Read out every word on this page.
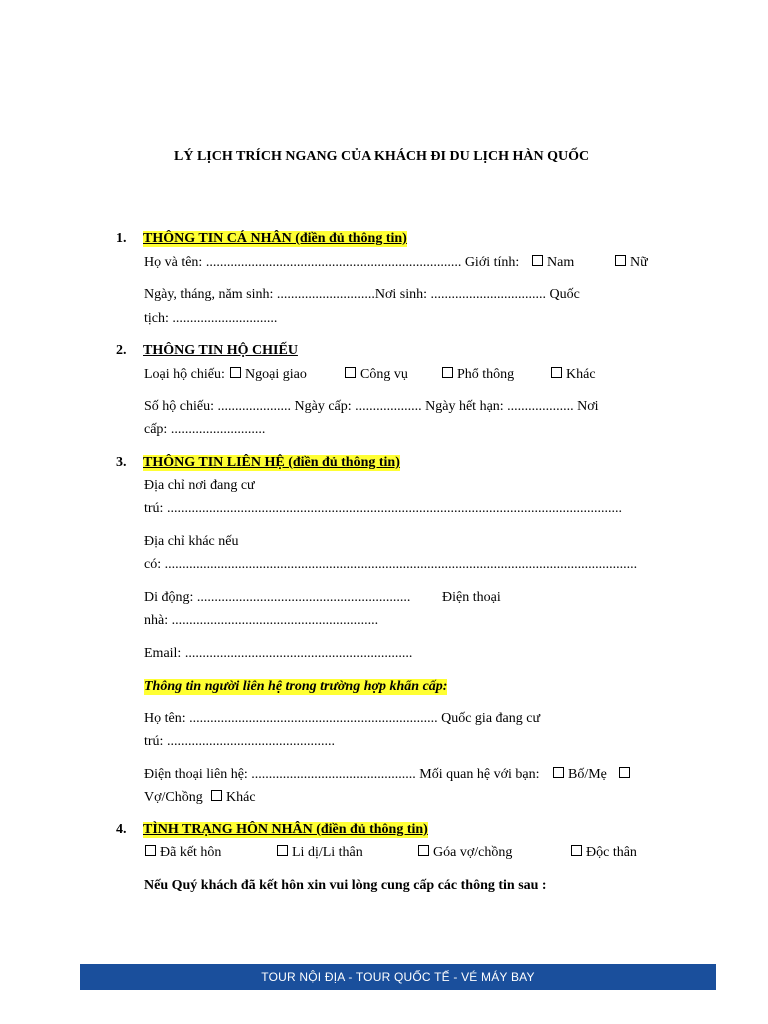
LÝ LỊCH TRÍCH NGANG CỦA KHÁCH ĐI DU LỊCH HÀN QUỐC
1. THÔNG TIN CÁ NHÂN (điền đủ thông tin)
Họ và tên: ......................................................................... Giới tính:	Nam	Nữ
Ngày, tháng, năm sinh: ............................Nơi sinh: ................................. Quốc
tịch: ..............................
2. THÔNG TIN HỘ CHIẾU
Loại hộ chiếu:	Ngoại giao	Công vụ	Phổ thông	Khác
Số hộ chiếu: ..................... Ngày cấp: ................... Ngày hết hạn: ................... Nơi
cấp: ...........................
3. THÔNG TIN LIÊN HỆ (điền đủ thông tin)
Địa chỉ nơi đang cư
trú: ..................................................................................................................................
Địa chỉ khác nếu
có: .......................................................................................................................................
Di động: ............................................................. Điện thoại
nhà: ...........................................................
Email: .................................................................
Thông tin người liên hệ trong trường hợp khẩn cấp:
Họ tên: ....................................................................... Quốc gia đang cư
trú: ................................................
Điện thoại liên hệ: ............................................... Mối quan hệ với bạn:	Bố/Mẹ
Vợ/Chồng	Khác
4. TÌNH TRẠNG HÔN NHÂN (điền đủ thông tin)
Đã kết hôn	Li dị/Li thân	Góa vợ/chồng	Độc thân
Nếu Quý khách đã kết hôn xin vui lòng cung cấp các thông tin sau :
TOUR NỘI ĐỊA - TOUR QUỐC TẾ - VÉ MÁY BAY
